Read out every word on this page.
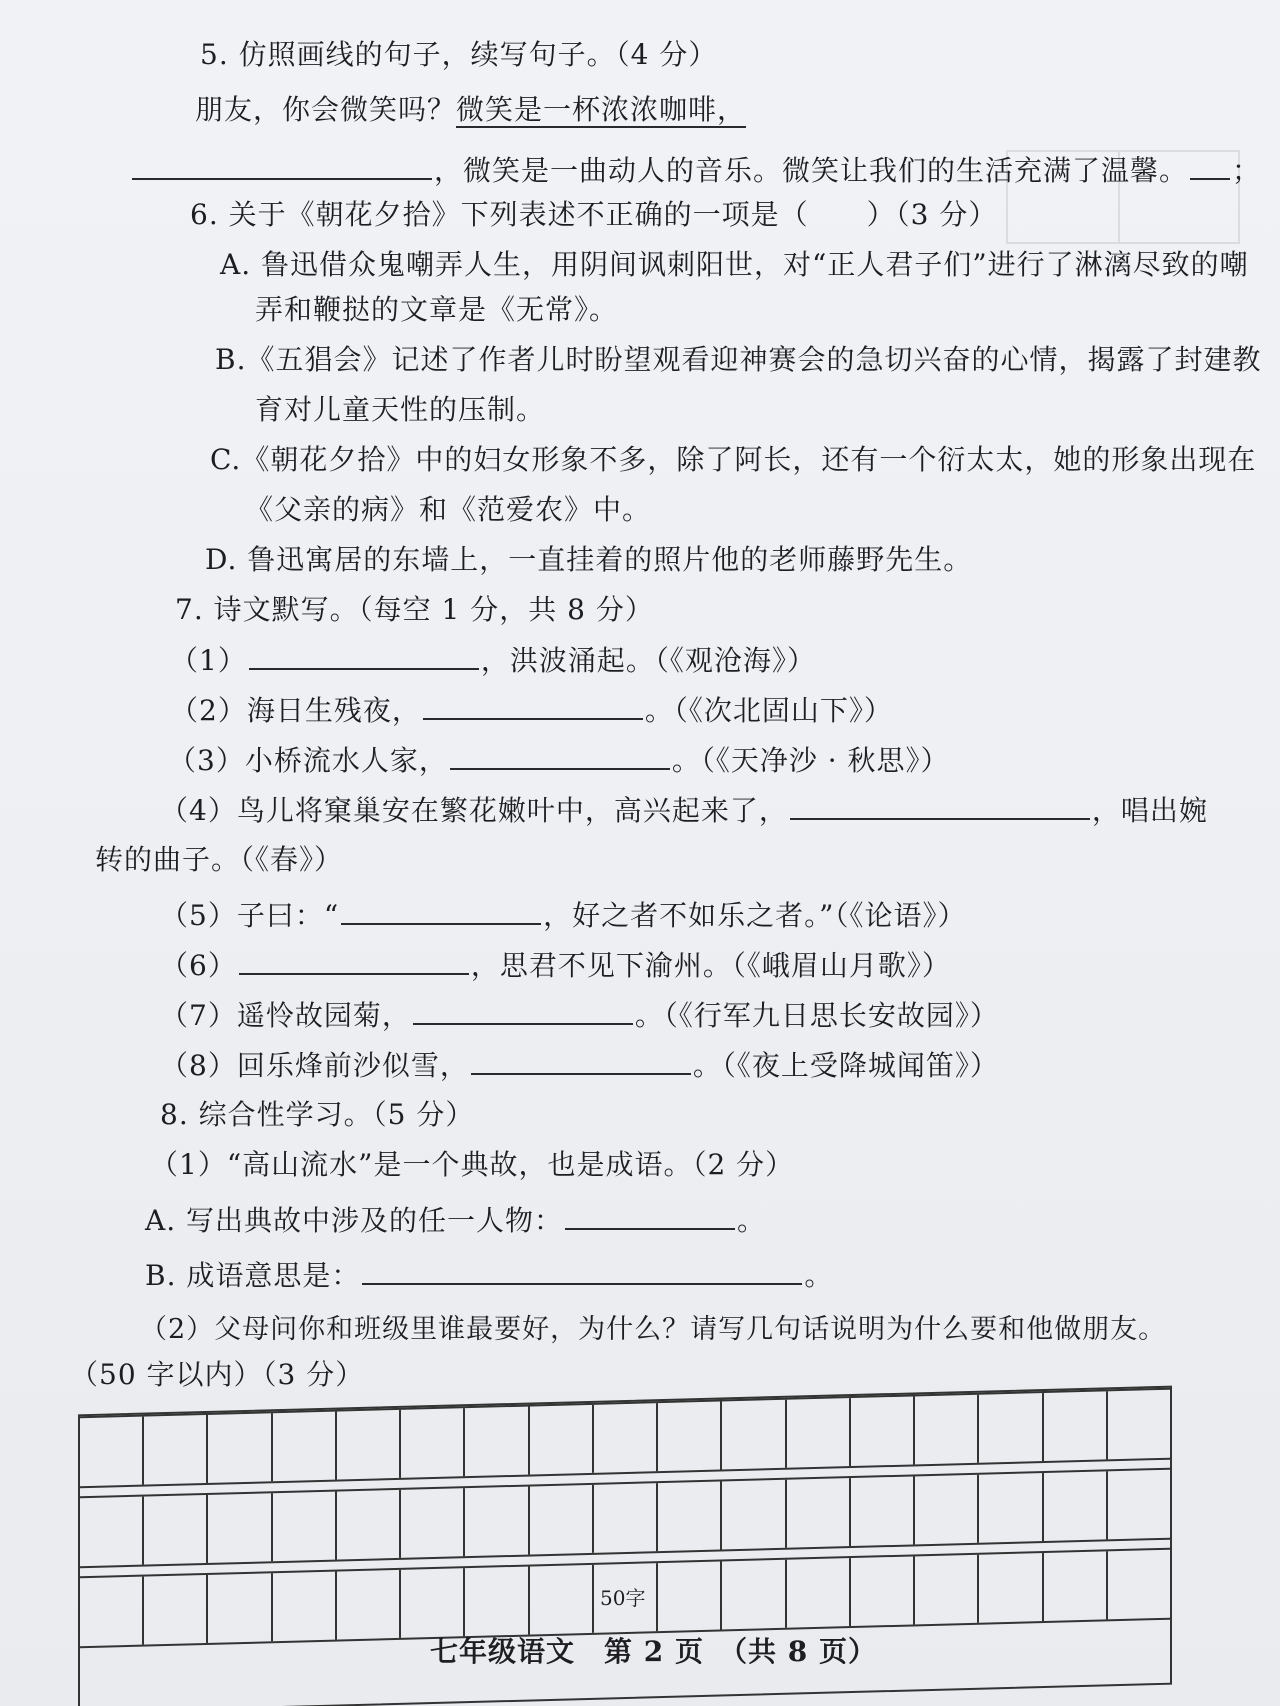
5. 仿照画线的句子，续写句子。（4 分）
朋友，你会微笑吗？微笑是一杯浓浓咖啡，
，微笑是一曲动人的音乐。微笑让我们的生活充满了温馨。 ；
6. 关于《朝花夕拾》下列表述不正确的一项是（　　）（3 分）
A. 鲁迅借众鬼嘲弄人生，用阴间讽刺阳世，对“正人君子们”进行了淋漓尽致的嘲
弄和鞭挞的文章是《无常》。
B.《五猖会》记述了作者儿时盼望观看迎神赛会的急切兴奋的心情，揭露了封建教
育对儿童天性的压制。
C.《朝花夕拾》中的妇女形象不多，除了阿长，还有一个衍太太，她的形象出现在
《父亲的病》和《范爱农》中。
D. 鲁迅寓居的东墙上，一直挂着的照片他的老师藤野先生。
7. 诗文默写。（每空 1 分，共 8 分）
（1）	，洪波涌起。（《观沧海》）
（2）海日生残夜，	。（《次北固山下》）
（3）小桥流水人家，	。（《天净沙 · 秋思》）
（4）鸟儿将窠巢安在繁花嫩叶中，高兴起来了，	，唱出婉
转的曲子。（《春》）
（5）子曰：“	，好之者不如乐之者。”（《论语》）
（6）	，思君不见下渝州。（《峨眉山月歌》）
（7）遥怜故园菊，	。（《行军九日思长安故园》）
（8）回乐烽前沙似雪，	。（《夜上受降城闻笛》）
8. 综合性学习。（5 分）
（1）“高山流水”是一个典故，也是成语。（2 分）
A. 写出典故中涉及的任一人物：	。
B. 成语意思是：	。
（2）父母问你和班级里谁最要好，为什么？请写几句话说明为什么要和他做朋友。
（50 字以内）（3 分）
50字
七年级语文　第 2 页　（共 8 页）
